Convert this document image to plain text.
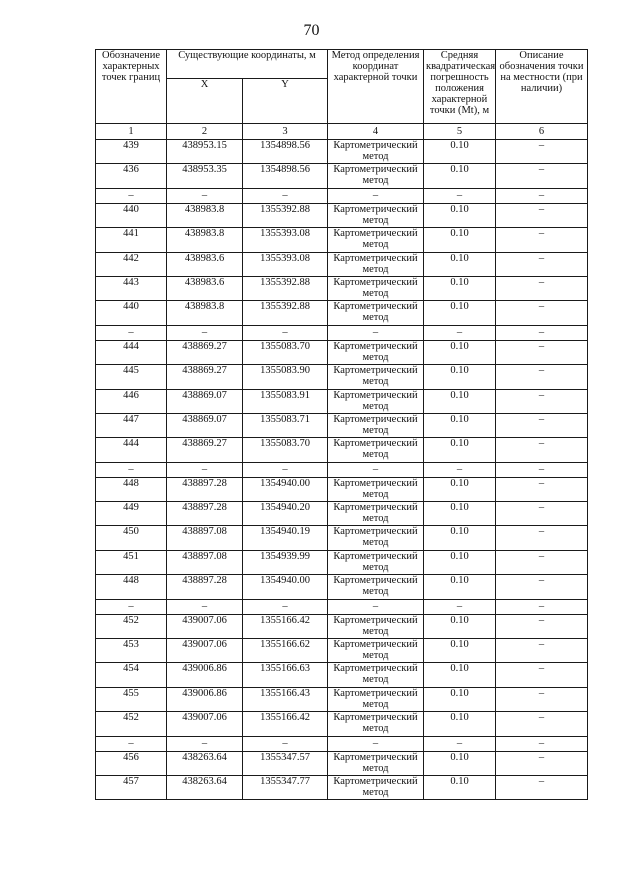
70
Обозначение характерных точек границ	Существующие координаты, м		Метод определения координат характерной точки	Средняя квадратическая погрешность положения характерной точки (Mt), м	Описание обозначения точки на местности (при наличии)
	X	Y			
1	2	3	4	5	6
439	438953.15	1354898.56	Картометрический метод	0.10	–
436	438953.35	1354898.56	Картометрический метод	0.10	–
–	–	–	–	–	–
440	438983.8	1355392.88	Картометрический метод	0.10	–
441	438983.8	1355393.08	Картометрический метод	0.10	–
442	438983.6	1355393.08	Картометрический метод	0.10	–
443	438983.6	1355392.88	Картометрический метод	0.10	–
440	438983.8	1355392.88	Картометрический метод	0.10	–
–	–	–	–	–	–
444	438869.27	1355083.70	Картометрический метод	0.10	–
445	438869.27	1355083.90	Картометрический метод	0.10	–
446	438869.07	1355083.91	Картометрический метод	0.10	–
447	438869.07	1355083.71	Картометрический метод	0.10	–
444	438869.27	1355083.70	Картометрический метод	0.10	–
–	–	–	–	–	–
448	438897.28	1354940.00	Картометрический метод	0.10	–
449	438897.28	1354940.20	Картометрический метод	0.10	–
450	438897.08	1354940.19	Картометрический метод	0.10	–
451	438897.08	1354939.99	Картометрический метод	0.10	–
448	438897.28	1354940.00	Картометрический метод	0.10	–
–	–	–	–	–	–
452	439007.06	1355166.42	Картометрический метод	0.10	–
453	439007.06	1355166.62	Картометрический метод	0.10	–
454	439006.86	1355166.63	Картометрический метод	0.10	–
455	439006.86	1355166.43	Картометрический метод	0.10	–
452	439007.06	1355166.42	Картометрический метод	0.10	–
–	–	–	–	–	–
456	438263.64	1355347.57	Картометрический метод	0.10	–
457	438263.64	1355347.77	Картометрический метод	0.10	–
